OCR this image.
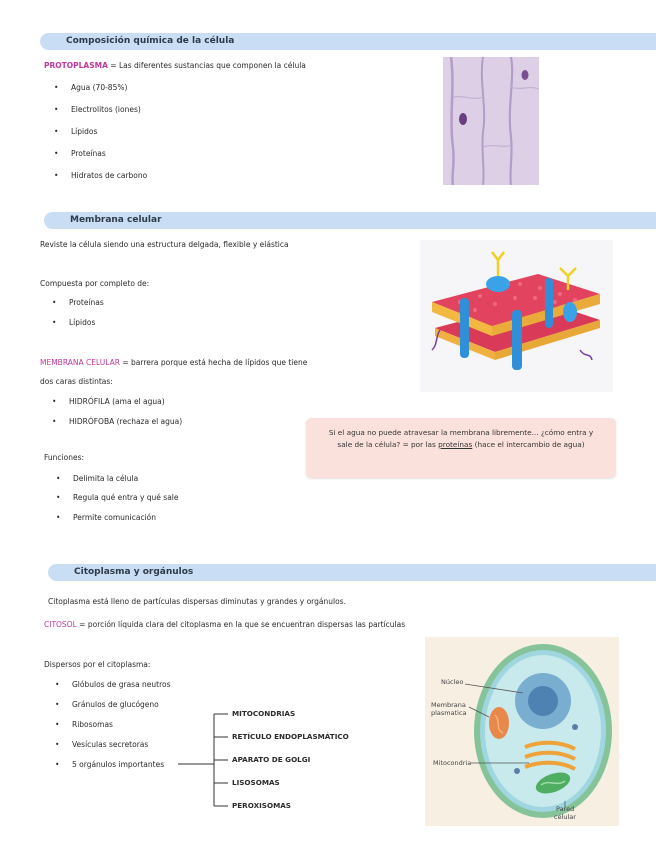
Composición química de la célula
PROTOPLASMA = Las diferentes sustancias que componen la célula
• Agua (70-85%)
• Electrolitos (iones)
• Lípidos
• Proteínas
• Hidratos de carbono
Membrana celular
Reviste la célula siendo una estructura delgada, flexible y elástica
Compuesta por completo de:
• Proteínas
• Lípidos
MEMBRANA CELULAR = barrera porque está hecha de lípidos que tiene
dos caras distintas:
• HIDRÓFILA (ama el agua)
• HIDRÓFOBA (rechaza el agua)
Funciones:
• Delimita la célula
• Regula qué entra y qué sale
• Permite comunicación
Si el agua no puede atravesar la membrana libremente... ¿cómo entra y sale de la célula? = por las proteínas (hace el intercambio de agua)
Citoplasma y orgánulos
Citoplasma está lleno de partículas dispersas diminutas y grandes y orgánulos.
CITOSOL = porción líquida clara del citoplasma en la que se encuentran dispersas las partículas
Dispersos por el citoplasma:
• Glóbulos de grasa neutros
• Gránulos de glucógeno
• Ribosomas
• Vesículas secretoras
• 5 orgánulos importantes
MITOCONDRIAS
RETÍCULO ENDOPLASMÁTICO
APARATO DE GOLGI
LISOSOMAS
PEROXISOMAS
Núcleo
Membrana
plasmatica
Mitocondria
Pared
celular
